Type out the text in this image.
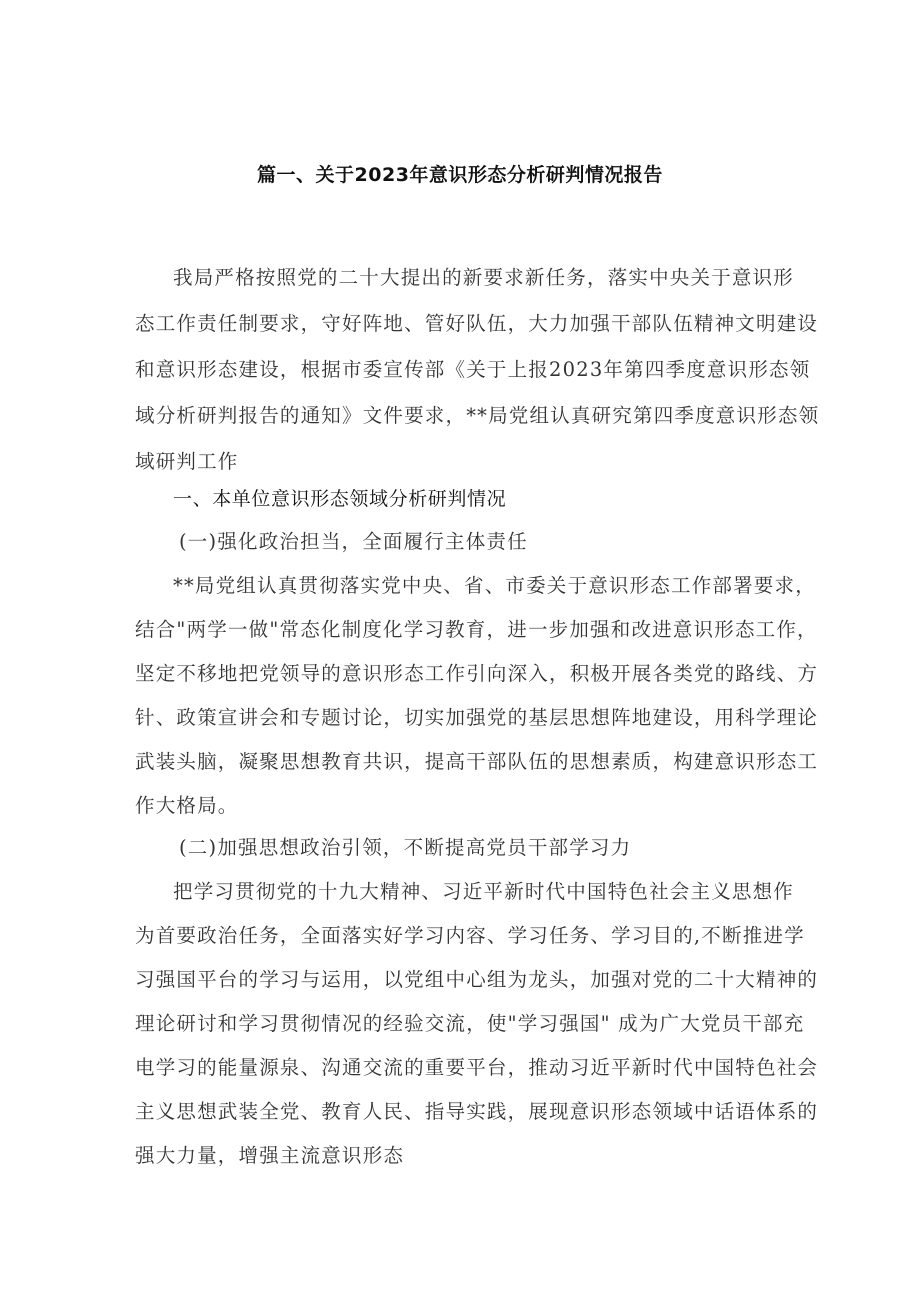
篇一、关于2023年意识形态分析研判情况报告
我局严格按照党的二十大提出的新要求新任务，落实中央关于意识形
态工作责任制要求，守好阵地、管好队伍，大力加强干部队伍精神文明建设
和意识形态建设，根据市委宣传部《关于上报2023年第四季度意识形态领
域分析研判报告的通知》文件要求，**局党组认真研究第四季度意识形态领
域研判工作
一、本单位意识形态领域分析研判情况
(一)强化政治担当，全面履行主体责任
**局党组认真贯彻落实党中央、省、市委关于意识形态工作部署要求，
结合"两学一做"常态化制度化学习教育，进一步加强和改进意识形态工作，
坚定不移地把党领导的意识形态工作引向深入，积极开展各类党的路线、方
针、政策宣讲会和专题讨论，切实加强党的基层思想阵地建设，用科学理论
武装头脑，凝聚思想教育共识，提高干部队伍的思想素质，构建意识形态工
作大格局。
(二)加强思想政治引领，不断提高党员干部学习力
把学习贯彻党的十九大精神、习近平新时代中国特色社会主义思想作
为首要政治任务，全面落实好学习内容、学习任务、学习目的,不断推进学
习强国平台的学习与运用，以党组中心组为龙头，加强对党的二十大精神的
理论研讨和学习贯彻情况的经验交流，使"学习强国" 成为广大党员干部充
电学习的能量源泉、沟通交流的重要平台，推动习近平新时代中国特色社会
主义思想武装全党、教育人民、指导实践，展现意识形态领域中话语体系的
强大力量，增强主流意识形态
